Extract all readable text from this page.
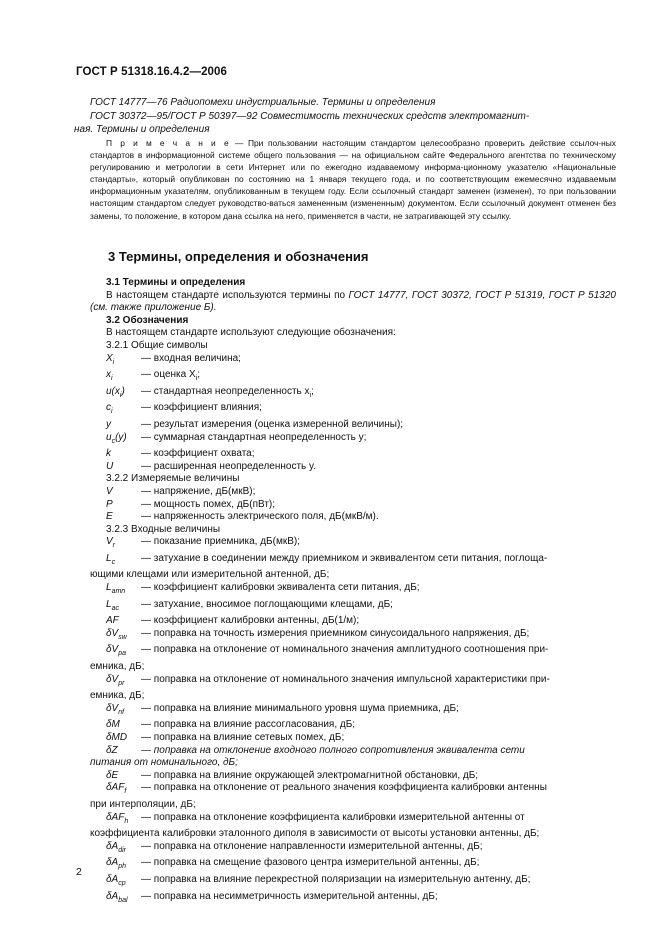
ГОСТ Р 51318.16.4.2—2006
ГОСТ 14777—76 Радиопомехи индустриальные. Термины и определения
ГОСТ 30372—95/ГОСТ Р 50397—92 Совместимость технических средств электромагнит-
ная. Термины и определения
П р и м е ч а н и е — При пользовании настоящим стандартом целесообразно проверить действие ссылоч-ных стандартов в информационной системе общего пользования — на официальном сайте Федерального агентства по техническому регулированию и метрологии в сети Интернет или по ежегодно издаваемому информа-ционному указателю «Национальные стандарты», который опубликован по состоянию на 1 января текущего года, и по соответствующим ежемесячно издаваемым информационным указателям, опубликованным в текущем году. Если ссылочный стандарт заменен (изменен), то при пользовании настоящим стандартом следует руководство-ваться замененным (измененным) документом. Если ссылочный документ отменен без замены, то положение, в котором дана ссылка на него, применяется в части, не затрагивающей эту ссылку.
3 Термины, определения и обозначения
3.1 Термины и определения
В настоящем стандарте используются термины по ГОСТ 14777, ГОСТ 30372, ГОСТ Р 51319, ГОСТ Р 51320 (см. также приложение Б).
3.2 Обозначения
В настоящем стандарте используют следующие обозначения:
3.2.1 Общие символы
$X_i$	— входная величина;
$x_i$	— оценка $X_i$;
$u(x_i)$	— стандартная неопределенность $x_i$;
$c_i$	— коэффициент влияния;
y	— результат измерения (оценка измеренной величины);
$u_c(y)$	— суммарная стандартная неопределенность y;
k	— коэффициент охвата;
U	— расширенная неопределенность y.
3.2.2 Измеряемые величины
V	— напряжение, дБ(мкВ);
P	— мощность помех, дБ(пВт);
E	— напряженность электрического поля, дБ(мкВ/м).
3.2.3 Входные величины
$V_r$	— показание приемника, дБ(мкВ);
$L_c$	— затухание в соединении между приемником и эквивалентом сети питания, поглоща-
ющими клещами или измерительной антенной, дБ;
$L_{amn}$	— коэффициент калибровки эквивалента сети питания, дБ;
$L_{ac}$	— затухание, вносимое поглощающими клещами, дБ;
AF	— коэффициент калибровки антенны, дБ(1/м);
$\delta V_{sw}$	— поправка на точность измерения приемником синусоидального напряжения, дБ;
$\delta V_{pa}$	— поправка на отклонение от номинального значения амплитудного соотношения при-
емника, дБ;
$\delta V_{pr}$	— поправка на отклонение от номинального значения импульсной характеристики при-
емника, дБ;
$\delta V_{nf}$	— поправка на влияние минимального уровня шума приемника, дБ;
δM	— поправка на влияние рассогласования, дБ;
δMD	— поправка на влияние сетевых помех, дБ;
δZ	— поправка на отклонение входного полного сопротивления эквивалента сети
питания от номинального, дБ;
δE	— поправка на влияние окружающей электромагнитной обстановки, дБ;
δAF$_f$	— поправка на отклонение от реального значения коэффициента калибровки антенны
при интерполяции, дБ;
δAF$_h$	— поправка на отклонение коэффициента калибровки измерительной антенны от
коэффициента калибровки эталонного диполя в зависимости от высоты установки антенны, дБ;
$\delta A_{dir}$	— поправка на отклонение направленности измерительной антенны, дБ;
$\delta A_{ph}$	— поправка на смещение фазового центра измерительной антенны, дБ;
$\delta A_{cp}$	— поправка на влияние перекрестной поляризации на измерительную антенну, дБ;
$\delta A_{bal}$	— поправка на несимметричность измерительной антенны, дБ;
2
